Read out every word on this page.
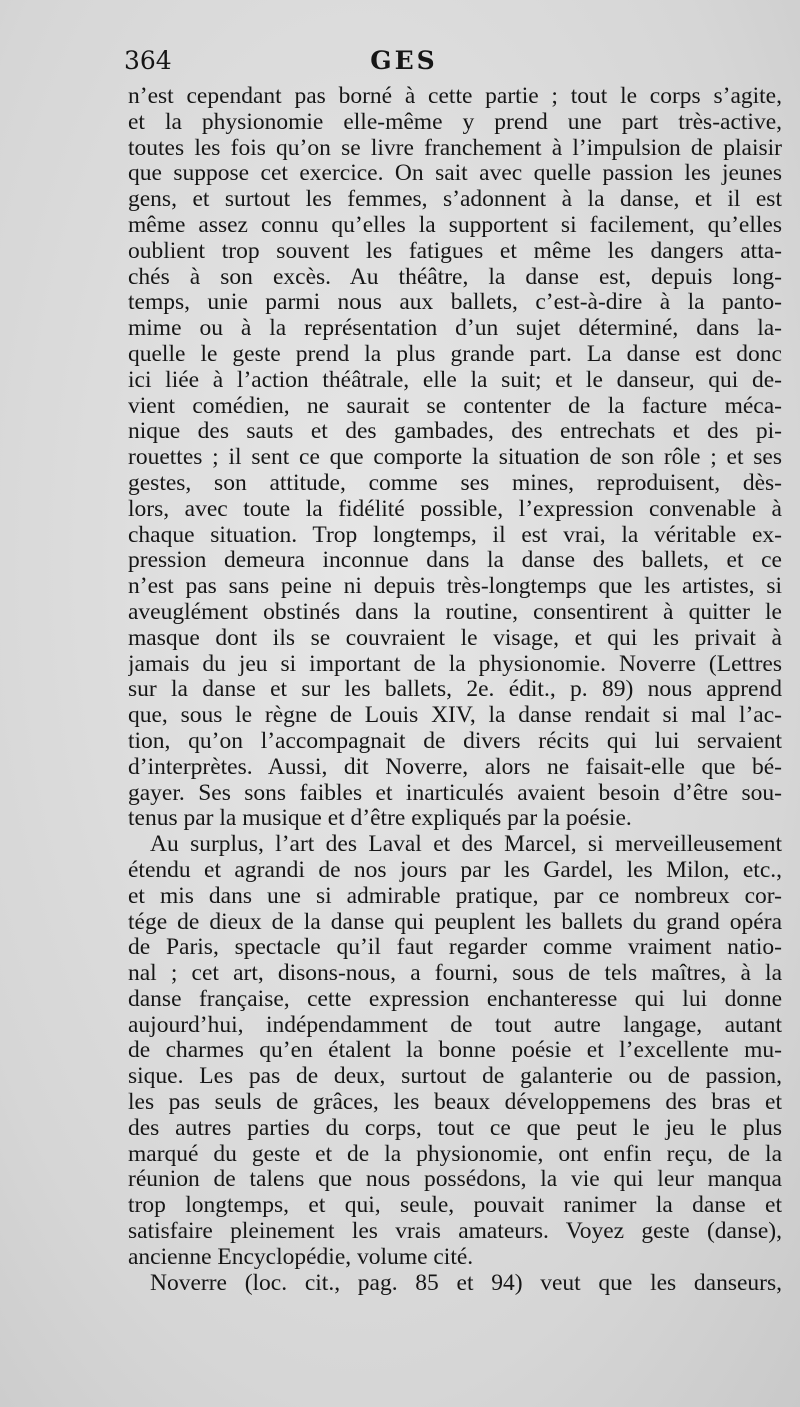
364	GES
n’est cependant pas borné à cette partie ; tout le corps s’agite,
et la physionomie elle-même y prend une part très-active,
toutes les fois qu’on se livre franchement à l’impulsion de plaisir
que suppose cet exercice. On sait avec quelle passion les jeunes
gens, et surtout les femmes, s’adonnent à la danse, et il est
même assez connu qu’elles la supportent si facilement, qu’elles
oublient trop souvent les fatigues et même les dangers atta-
chés à son excès. Au théâtre, la danse est, depuis long-
temps, unie parmi nous aux ballets, c’est-à-dire à la panto-
mime ou à la représentation d’un sujet déterminé, dans la-
quelle le geste prend la plus grande part. La danse est donc
ici liée à l’action théâtrale, elle la suit; et le danseur, qui de-
vient comédien, ne saurait se contenter de la facture méca-
nique des sauts et des gambades, des entrechats et des pi-
rouettes ; il sent ce que comporte la situation de son rôle ; et ses
gestes, son attitude, comme ses mines, reproduisent, dès-
lors, avec toute la fidélité possible, l’expression convenable à
chaque situation. Trop longtemps, il est vrai, la véritable ex-
pression demeura inconnue dans la danse des ballets, et ce
n’est pas sans peine ni depuis très-longtemps que les artistes, si
aveuglément obstinés dans la routine, consentirent à quitter le
masque dont ils se couvraient le visage, et qui les privait à
jamais du jeu si important de la physionomie. Noverre (Lettres
sur la danse et sur les ballets, 2e. édit., p. 89) nous apprend
que, sous le règne de Louis XIV, la danse rendait si mal l’ac-
tion, qu’on l’accompagnait de divers récits qui lui servaient
d’interprètes. Aussi, dit Noverre, alors ne faisait-elle que bé-
gayer. Ses sons faibles et inarticulés avaient besoin d’être sou-
tenus par la musique et d’être expliqués par la poésie.
Au surplus, l’art des Laval et des Marcel, si merveilleusement
étendu et agrandi de nos jours par les Gardel, les Milon, etc.,
et mis dans une si admirable pratique, par ce nombreux cor-
tége de dieux de la danse qui peuplent les ballets du grand opéra
de Paris, spectacle qu’il faut regarder comme vraiment natio-
nal ; cet art, disons-nous, a fourni, sous de tels maîtres, à la
danse française, cette expression enchanteresse qui lui donne
aujourd’hui, indépendamment de tout autre langage, autant
de charmes qu’en étalent la bonne poésie et l’excellente mu-
sique. Les pas de deux, surtout de galanterie ou de passion,
les pas seuls de grâces, les beaux développemens des bras et
des autres parties du corps, tout ce que peut le jeu le plus
marqué du geste et de la physionomie, ont enfin reçu, de la
réunion de talens que nous possédons, la vie qui leur manqua
trop longtemps, et qui, seule, pouvait ranimer la danse et
satisfaire pleinement les vrais amateurs. Voyez geste (danse),
ancienne Encyclopédie, volume cité.
Noverre (loc. cit., pag. 85 et 94) veut que les danseurs,
